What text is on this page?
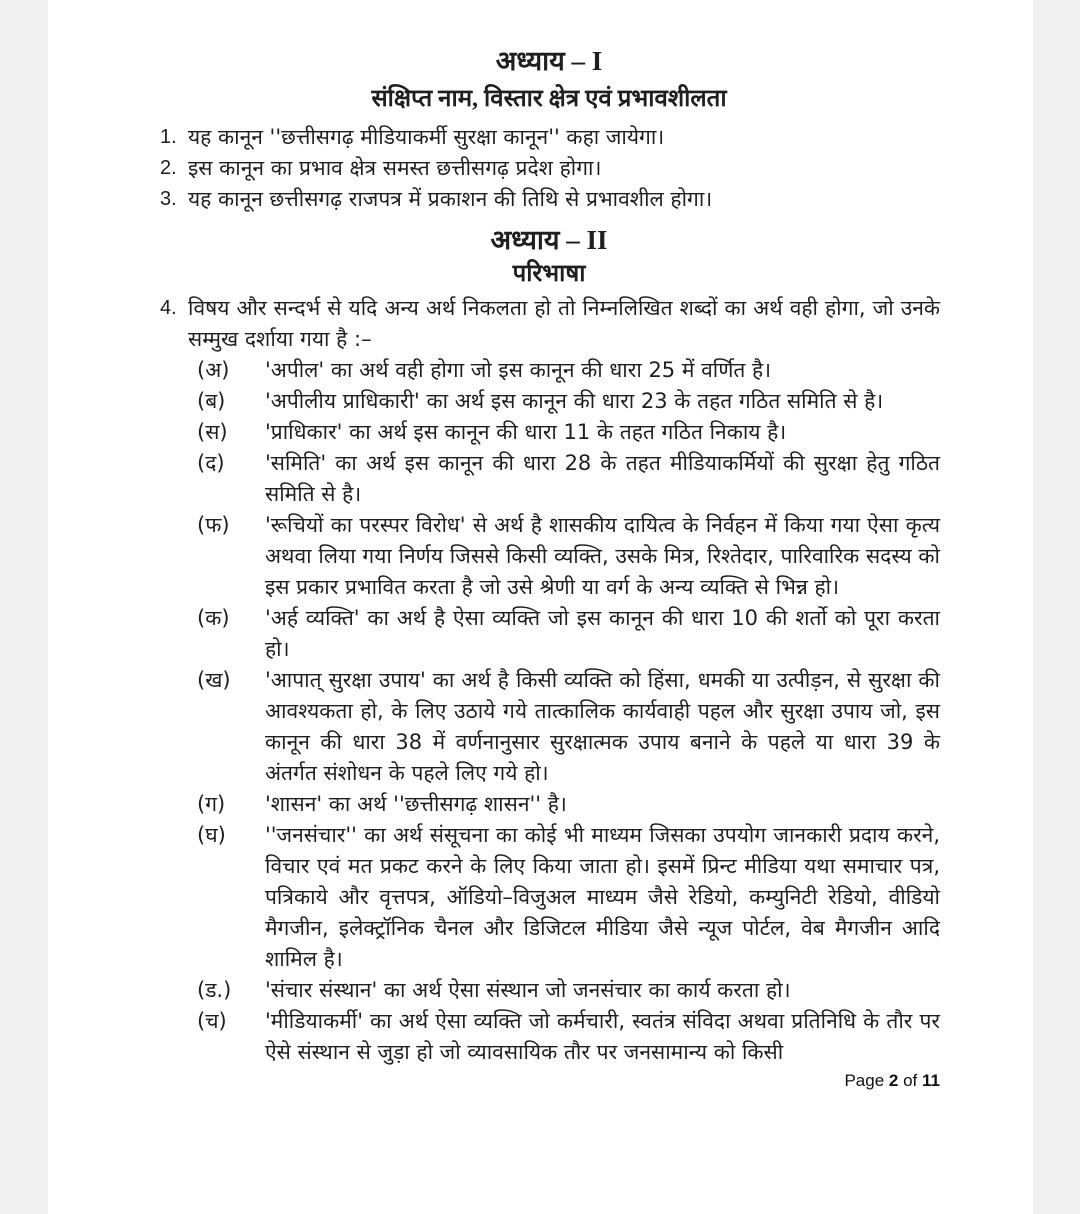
अध्याय – I
संक्षिप्त नाम, विस्तार क्षेत्र एवं प्रभावशीलता
1. यह कानून ''छत्तीसगढ़ मीडियाकर्मी सुरक्षा कानून'' कहा जायेगा।
2. इस कानून का प्रभाव क्षेत्र समस्त छत्तीसगढ़ प्रदेश होगा।
3. यह कानून छत्तीसगढ़ राजपत्र में प्रकाशन की तिथि से प्रभावशील होगा।
अध्याय – II
परिभाषा
4. विषय और सन्दर्भ से यदि अन्य अर्थ निकलता हो तो निम्नलिखित शब्दों का अर्थ वही होगा, जो उनके सम्मुख दर्शाया गया है :–
(अ)	'अपील' का अर्थ वही होगा जो इस कानून की धारा 25 में वर्णित है।
(ब)	'अपीलीय प्राधिकारी' का अर्थ इस कानून की धारा 23 के तहत गठित समिति से है।
(स)	'प्राधिकार' का अर्थ इस कानून की धारा 11 के तहत गठित निकाय है।
(द)	'समिति' का अर्थ इस कानून की धारा 28 के तहत मीडियाकर्मियों की सुरक्षा हेतु गठित समिति से है।
(फ)	'रूचियों का परस्पर विरोध' से अर्थ है शासकीय दायित्व के निर्वहन में किया गया ऐसा कृत्य अथवा लिया गया निर्णय जिससे किसी व्यक्ति, उसके मित्र, रिश्तेदार, पारिवारिक सदस्य को इस प्रकार प्रभावित करता है जो उसे श्रेणी या वर्ग के अन्य व्यक्ति से भिन्न हो।
(क)	'अर्ह व्यक्ति' का अर्थ है ऐसा व्यक्ति जो इस कानून की धारा 10 की शर्तो को पूरा करता हो।
(ख)	'आपात् सुरक्षा उपाय' का अर्थ है किसी व्यक्ति को हिंसा, धमकी या उत्पीड़न, से सुरक्षा की आवश्यकता हो, के लिए उठाये गये तात्कालिक कार्यवाही पहल और सुरक्षा उपाय जो, इस कानून की धारा 38 में वर्णनानुसार सुरक्षात्मक उपाय बनाने के पहले या धारा 39 के अंतर्गत संशोधन के पहले लिए गये हो।
(ग)	'शासन' का अर्थ ''छत्तीसगढ़ शासन'' है।
(घ)	''जनसंचार'' का अर्थ संसूचना का कोई भी माध्यम जिसका उपयोग जानकारी प्रदाय करने, विचार एवं मत प्रकट करने के लिए किया जाता हो। इसमें प्रिन्ट मीडिया यथा समाचार पत्र, पत्रिकाये और वृत्तपत्र, ऑडियो–विजुअल माध्यम जैसे रेडियो, कम्युनिटी रेडियो, वीडियो मैगजीन, इलेक्ट्रॉनिक चैनल और डिजिटल मीडिया जैसे न्यूज पोर्टल, वेब मैगजीन आदि शामिल है।
(ड.)	'संचार संस्थान' का अर्थ ऐसा संस्थान जो जनसंचार का कार्य करता हो।
(च)	'मीडियाकर्मी' का अर्थ ऐसा व्यक्ति जो कर्मचारी, स्वतंत्र संविदा अथवा प्रतिनिधि के तौर पर ऐसे संस्थान से जुड़ा हो जो व्यावसायिक तौर पर जनसामान्य को किसी
Page 2 of 11
